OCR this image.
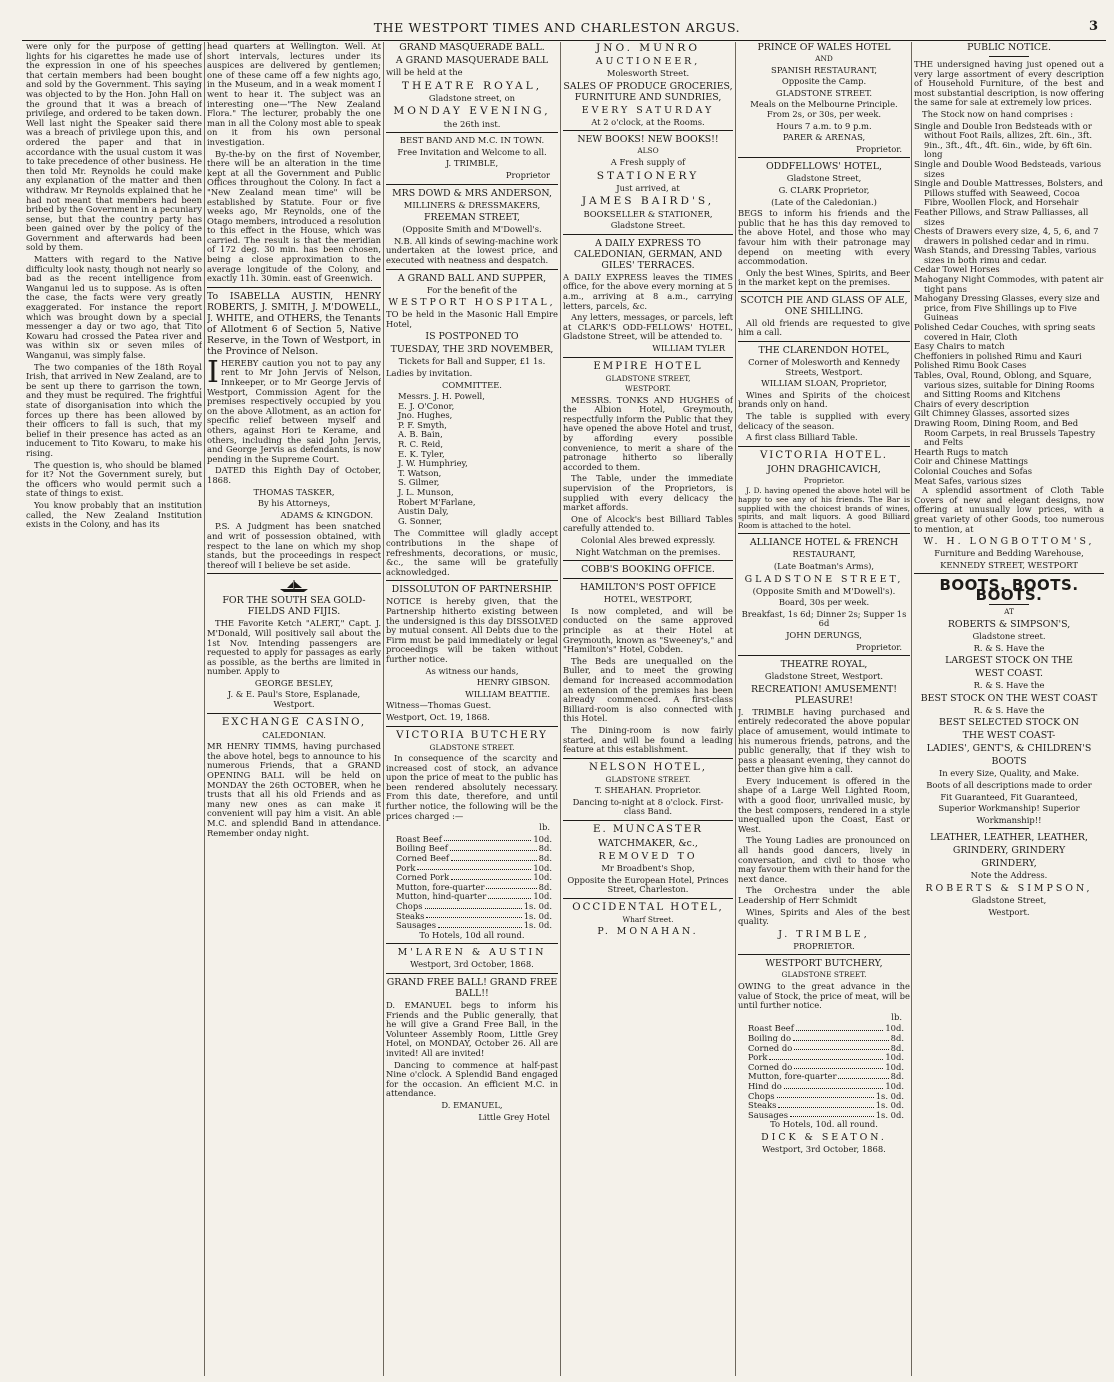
THE WESTPORT TIMES AND CHARLESTON ARGUS.	3

were only for the purpose of getting lights for his cigarettes he made use of the expression in one of his speeches that certain members had been bought and sold by the Government. This saying was objected to by the Hon. John Hall on the ground that it was a breach of privilege, and ordered to be taken down. Well last night the Speaker said there was a breach of privilege upon this, and ordered the paper and that in accordance with the usual custom it was to take precedence of other business. He then told Mr. Reynolds he could make any explanation of the matter and then withdraw. Mr Reynolds explained that he had not meant that members had been bribed by the Government in a pecuniary sense, but that the country party has been gained over by the policy of the Government and afterwards had been sold by them.

Matters with regard to the Native difficulty look nasty, though not nearly so bad as the recent intelligence from Wanganui led us to suppose. As is often the case, the facts were very greatly exaggerated. For instance the report which was brought down by a special messenger a day or two ago, that Tito Kowaru had crossed the Patea river and was within six or seven miles of Wanganui, was simply false.

The two companies of the 18th Royal Irish, that arrived in New Zealand, are to be sent up there to garrison the town, and they must be required. The frightful state of disorganisation into which the forces up there has been allowed by their officers to fall is such, that my belief in their presence has acted as an inducement to Tito Kowaru, to make his rising.

The question is, who should be blamed for it? Not the Government surely, but the officers who would permit such a state of things to exist.

You know probably that an institution called, the New Zealand Institution exists in the Colony, and has its

head quarters at Wellington. Well. At short intervals, lectures under its auspices are delivered by gentlemen; one of these came off a few nights ago, in the Museum, and in a weak moment I went to hear it. The subject was an interesting one—"The New Zealand Flora." The lecturer, probably the one man in all the Colony most able to speak on it from his own personal investigation.

By-the-by on the first of November, there will be an alteration in the time kept at all the Government and Public Offices throughout the Colony. In fact a "New Zealand mean time" will be established by Statute. Four or five weeks ago, Mr Reynolds, one of the Otago members, introduced a resolution to this effect in the House, which was carried. The result is that the meridian of 172 deg. 30 min. has been chosen, being a close approximation to the average longitude of the Colony, and exactly 11h. 30min. east of Greenwich.

To ISABELLA AUSTIN, HENRY ROBERTS, J. SMITH, J. M'DOWELL, J. WHITE, and OTHERS, the Tenants of Allotment 6 of Section 5, Native Reserve, in the Town of Westport, in the Province of Nelson.

IHEREBY caution you not to pay any rent to Mr John Jervis of Nelson, Innkeeper, or to Mr George Jervis of Westport, Commission Agent for the premises respectively occupied by you on the above Allotment, as an action for specific relief between myself and others, against Hori te Kerame, and others, including the said John Jervis, and George Jervis as defendants, is now pending in the Supreme Court.

DATED this Eighth Day of October, 1868.

THOMAS TASKER,

By his Attorneys,

ADAMS & KINGDON.

P.S. A Judgment has been snatched and writ of possession obtained, with respect to the lane on which my shop stands, but the proceedings in respect thereof will I believe be set aside.

FOR THE SOUTH SEA GOLD-FIELDS AND FIJIS.

THE Favorite Ketch "ALERT," Capt. J. M'Donald, Will positively sail about the 1st Nov. Intending passengers are requested to apply for passages as early as possible, as the berths are limited in number. Apply to

GEORGE BESLEY,

J. & E. Paul's Store, Esplanade, Westport.

EXCHANGE CASINO,

CALEDONIAN.

MR HENRY TIMMS, having purchased the above hotel, begs to announce to his numerous Friends, that a GRAND OPENING BALL will be held on MONDAY the 26th OCTOBER, when he trusts that all his old Friends and as many new ones as can make it convenient will pay him a visit. An able M.C. and splendid Band in attendance. Remember onday night.

GRAND MASQUERADE BALL.

A GRAND MASQUERADE BALL

will be held at the

THEATRE ROYAL,

Gladstone street, on

MONDAY EVENING,

the 26th inst.

BEST BAND AND M.C. IN TOWN.

Free Invitation and Welcome to all.

J. TRIMBLE,

Proprietor

MRS DOWD & MRS ANDERSON,

MILLINERS & DRESSMAKERS,

FREEMAN STREET,

(Opposite Smith and M'Dowell's.

N.B. All kinds of sewing-machine work undertaken at the lowest price, and executed with neatness and despatch.

A GRAND BALL AND SUPPER,

For the benefit of the

WESTPORT HOSPITAL,

TO be held in the Masonic Hall Empire Hotel,

IS POSTPONED TO

TUESDAY, THE 3RD NOVEMBER,

Tickets for Ball and Supper, £1 1s.

Ladies by invitation.

COMMITTEE.

Messrs. J. H. Powell,
E. J. O'Conor,
Jno. Hughes,
P. F. Smyth,
A. B. Bain,
R. C. Reid,
E. K. Tyler,
J. W. Humphriey,
T. Watson,
S. Gilmer,
J. L. Munson,
Robert M'Farlane,
Austin Daly,
G. Sonner,

The Committee will gladly accept contributions in the shape of refreshments, decorations, or music, &c., the same will be gratefully acknowledged.

DISSOLUTON OF PARTNERSHIP.

NOTICE is hereby given, that the Partnership hitherto existing between the undersigned is this day DISSOLVED by mutual consent. All Debts due to the Firm must be paid immediately or legal proceedings will be taken without further notice.

As witness our hands,

HENRY GIBSON.

WILLIAM BEATTIE.

Witness—Thomas Guest.

Westport, Oct. 19, 1868.

VICTORIA BUTCHERY

GLADSTONE STREET.

In consequence of the scarcity and increased cost of stock, an advance upon the price of meat to the public has been rendered absolutely necessary. From this date, therefore, and until further notice, the following will be the prices charged :—

lb.

Roast Beef	10d.
Boiling Beef	8d.
Corned Beef	8d.
Pork	10d.
Corned Pork	10d.
Mutton, fore-quarter	8d.
Mutton, hind-quarter	10d.
Chops	1s. 0d.
Steaks	1s. 0d.
Sausages	1s. 0d.

To Hotels, 10d all round.

M'LAREN & AUSTIN

Westport, 3rd October, 1868.

GRAND FREE BALL! GRAND FREE BALL!!

D. EMANUEL begs to inform his Friends and the Public generally, that he will give a Grand Free Ball, in the Volunteer Assembly Room, Little Grey Hotel, on MONDAY, October 26. All are invited! All are invited!

Dancing to commence at half-past Nine o'clock. A Splendid Band engaged for the occasion. An efficient M.C. in attendance.

D. EMANUEL,

Little Grey Hotel

JNO. MUNRO

AUCTIONEER,

Molesworth Street.

SALES OF PRODUCE GROCERIES, FURNITURE AND SUNDRIES,

EVERY SATURDAY

At 2 o'clock, at the Rooms.

NEW BOOKS! NEW BOOKS!!

ALSO

A Fresh supply of

STATIONERY

Just arrived, at

JAMES BAIRD'S,

BOOKSELLER & STATIONER,

Gladstone Street.

A DAILY EXPRESS TO CALEDONIAN, GERMAN, AND GILES' TERRACES.

A DAILY EXPRESS leaves the TIMES office, for the above every morning at 5 a.m., arriving at 8 a.m., carrying letters, parcels, &c.

Any letters, messages, or parcels, left at CLARK'S ODD-FELLOWS' HOTEL, Gladstone Street, will be attended to.

WILLIAM TYLER

EMPIRE HOTEL

GLADSTONE STREET,

WESTPORT.

MESSRS. TONKS AND HUGHES of the Albion Hotel, Greymouth, respectfully inform the Public that they have opened the above Hotel and trust, by affording every possible convenience, to merit a share of the patronage hitherto so liberally accorded to them.

The Table, under the immediate supervision of the Proprietors, is supplied with every delicacy the market affords.

One of Alcock's best Billiard Tables carefully attended to.

Colonial Ales brewed expressly.

Night Watchman on the premises.

COBB'S BOOKING OFFICE.

HAMILTON'S POST OFFICE

HOTEL, WESTPORT,

Is now completed, and will be conducted on the same approved principle as at their Hotel at Greymouth, known as "Sweeney's," and "Hamilton's" Hotel, Cobden.

The Beds are unequalled on the Buller, and to meet the growing demand for increased accommodation an extension of the premises has been already commenced. A first-class Billiard-room is also connected with this Hotel.

The Dining-room is now fairly started, and will be found a leading feature at this establishment.

NELSON HOTEL,

GLADSTONE STREET.

T. SHEAHAN. Proprietor.

Dancing to-night at 8 o'clock. First-class Band.

E. MUNCASTER

WATCHMAKER, &c.,

REMOVED TO

Mr Broadbent's Shop,

Opposite the European Hotel, Princes Street, Charleston.

OCCIDENTAL HOTEL,

Wharf Street.

P. MONAHAN.

PRINCE OF WALES HOTEL

AND

SPANISH RESTAURANT,

Opposite the Camp.

GLADSTONE STREET.

Meals on the Melbourne Principle. From 2s, or 30s, per week.

Hours 7 a.m. to 9 p.m.

PARER & ARENAS,

Proprietor.

ODDFELLOWS' HOTEL,

Gladstone Street,

G. CLARK Proprietor,

(Late of the Caledonian.)

BEGS to inform his friends and the public that he has this day removed to the above Hotel, and those who may favour him with their patronage may depend on meeting with every accommodation.

Only the best Wines, Spirits, and Beer in the market kept on the premises.

SCOTCH PIE AND GLASS OF ALE, ONE SHILLING.

All old friends are requested to give him a call.

THE CLARENDON HOTEL,

Corner of Molesworth and Kennedy Streets, Westport.

WILLIAM SLOAN, Proprietor,

Wines and Spirits of the choicest brands only on hand.

The table is supplied with every delicacy of the season.

A first class Billiard Table.

VICTORIA HOTEL.

JOHN DRAGHICAVICH,

Proprietor.

J. D. having opened the above hotel will be happy to see any of his friends. The Bar is supplied with the choicest brands of wines, spirits, and malt liquors. A good Billiard Room is attached to the hotel.

ALLIANCE HOTEL & FRENCH

RESTAURANT,

(Late Boatman's Arms),

GLADSTONE STREET,

(Opposite Smith and M'Dowell's).

Board, 30s per week.

Breakfast, 1s 6d; Dinner 2s; Supper 1s 6d

JOHN DERUNGS,

Proprietor.

THEATRE ROYAL,

Gladstone Street, Westport.

RECREATION! AMUSEMENT! PLEASURE!

J. TRIMBLE having purchased and entirely redecorated the above popular place of amusement, would intimate to his numerous friends, patrons, and the public generally, that if they wish to pass a pleasant evening, they cannot do better than give him a call.

Every inducement is offered in the shape of a Large Well Lighted Room, with a good floor, unrivalled music, by the best composers, rendered in a style unequalled upon the Coast, East or West.

The Young Ladies are pronounced on all hands good dancers, lively in conversation, and civil to those who may favour them with their hand for the next dance.

The Orchestra under the able Leadership of Herr Schmidt

Wines, Spirits and Ales of the best quality.

J. TRIMBLE,

PROPRIETOR.

WESTPORT BUTCHERY,

GLADSTONE STREET.

OWING to the great advance in the value of Stock, the price of meat, will be until further notice.

lb.

Roast Beef	10d.
Boiling do	8d.
Corned do	8d.
Pork	10d.
Corned do	10d.
Mutton, fore-quarter	8d.
Hind do	10d.
Chops	1s. 0d.
Steaks	1s. 0d.
Sausages	1s. 0d.

To Hotels, 10d. all round.

DICK & SEATON.

Westport, 3rd October, 1868.

PUBLIC NOTICE.

THE undersigned having just opened out a very large assortment of every description of Household Furniture, of the best and most substantial description, is now offering the same for sale at extremely low prices.

The Stock now on hand comprises :

Single and Double Iron Bedsteads with or without Foot Rails, allizes, 2ft. 6in., 3ft. 9in., 3ft., 4ft., 4ft. 6in., wide, by 6ft 6in. long
Single and Double Wood Bedsteads, various sizes
Single and Double Mattresses, Bolsters, and Pillows stuffed with Seaweed, Cocoa Fibre, Woollen Flock, and Horsehair
Feather Pillows, and Straw Palliasses, all sizes
Chests of Drawers every size, 4, 5, 6, and 7 drawers in polished cedar and in rimu.
Wash Stands, and Dressing Tables, various sizes in both rimu and cedar.
Cedar Towel Horses
Mahogany Night Commodes, with patent air tight pans
Mahogany Dressing Glasses, every size and price, from Five Shillings up to Five Guineas
Polished Cedar Couches, with spring seats covered in Hair, Cloth
Easy Chairs to match
Cheffoniers in polished Rimu and Kauri
Polished Rimu Book Cases
Tables, Oval, Round, Oblong, and Square, various sizes, suitable for Dining Rooms and Sitting Rooms and Kitchens
Chairs of every description
Gilt Chimney Glasses, assorted sizes
Drawing Room, Dining Room, and Bed Room Carpets, in real Brussels Tapestry and Felts
Hearth Rugs to match
Coir and Chinese Mattings
Colonial Couches and Sofas
Meat Safes, various sizes

A splendid assortment of Cloth Table Covers of new and elegant designs, now offering at unusually low prices, with a great variety of other Goods, too numerous to mention, at

W. H. LONGBOTTOM'S,

Furniture and Bedding Warehouse,

KENNEDY STREET, WESTPORT

BOOTS. BOOTS. BOOTS.

AT

ROBERTS & SIMPSON'S,

Gladstone street.

R. & S. Have the

LARGEST STOCK ON THE

WEST COAST.

R. & S. Have the

BEST STOCK ON THE WEST COAST

R. & S. Have the

BEST SELECTED STOCK ON

THE WEST COAST-

LADIES', GENT'S, & CHILDREN'S

BOOTS

In every Size, Quality, and Make.

Boots of all descriptions made to order

Fit Guaranteed, Fit Guaranteed,

Superior Workmanship! Superior

Workmanship!!

LEATHER, LEATHER, LEATHER,

GRINDERY, GRINDERY

GRINDERY,

Note the Address.

ROBERTS & SIMPSON,

Gladstone Street,

Westport.
